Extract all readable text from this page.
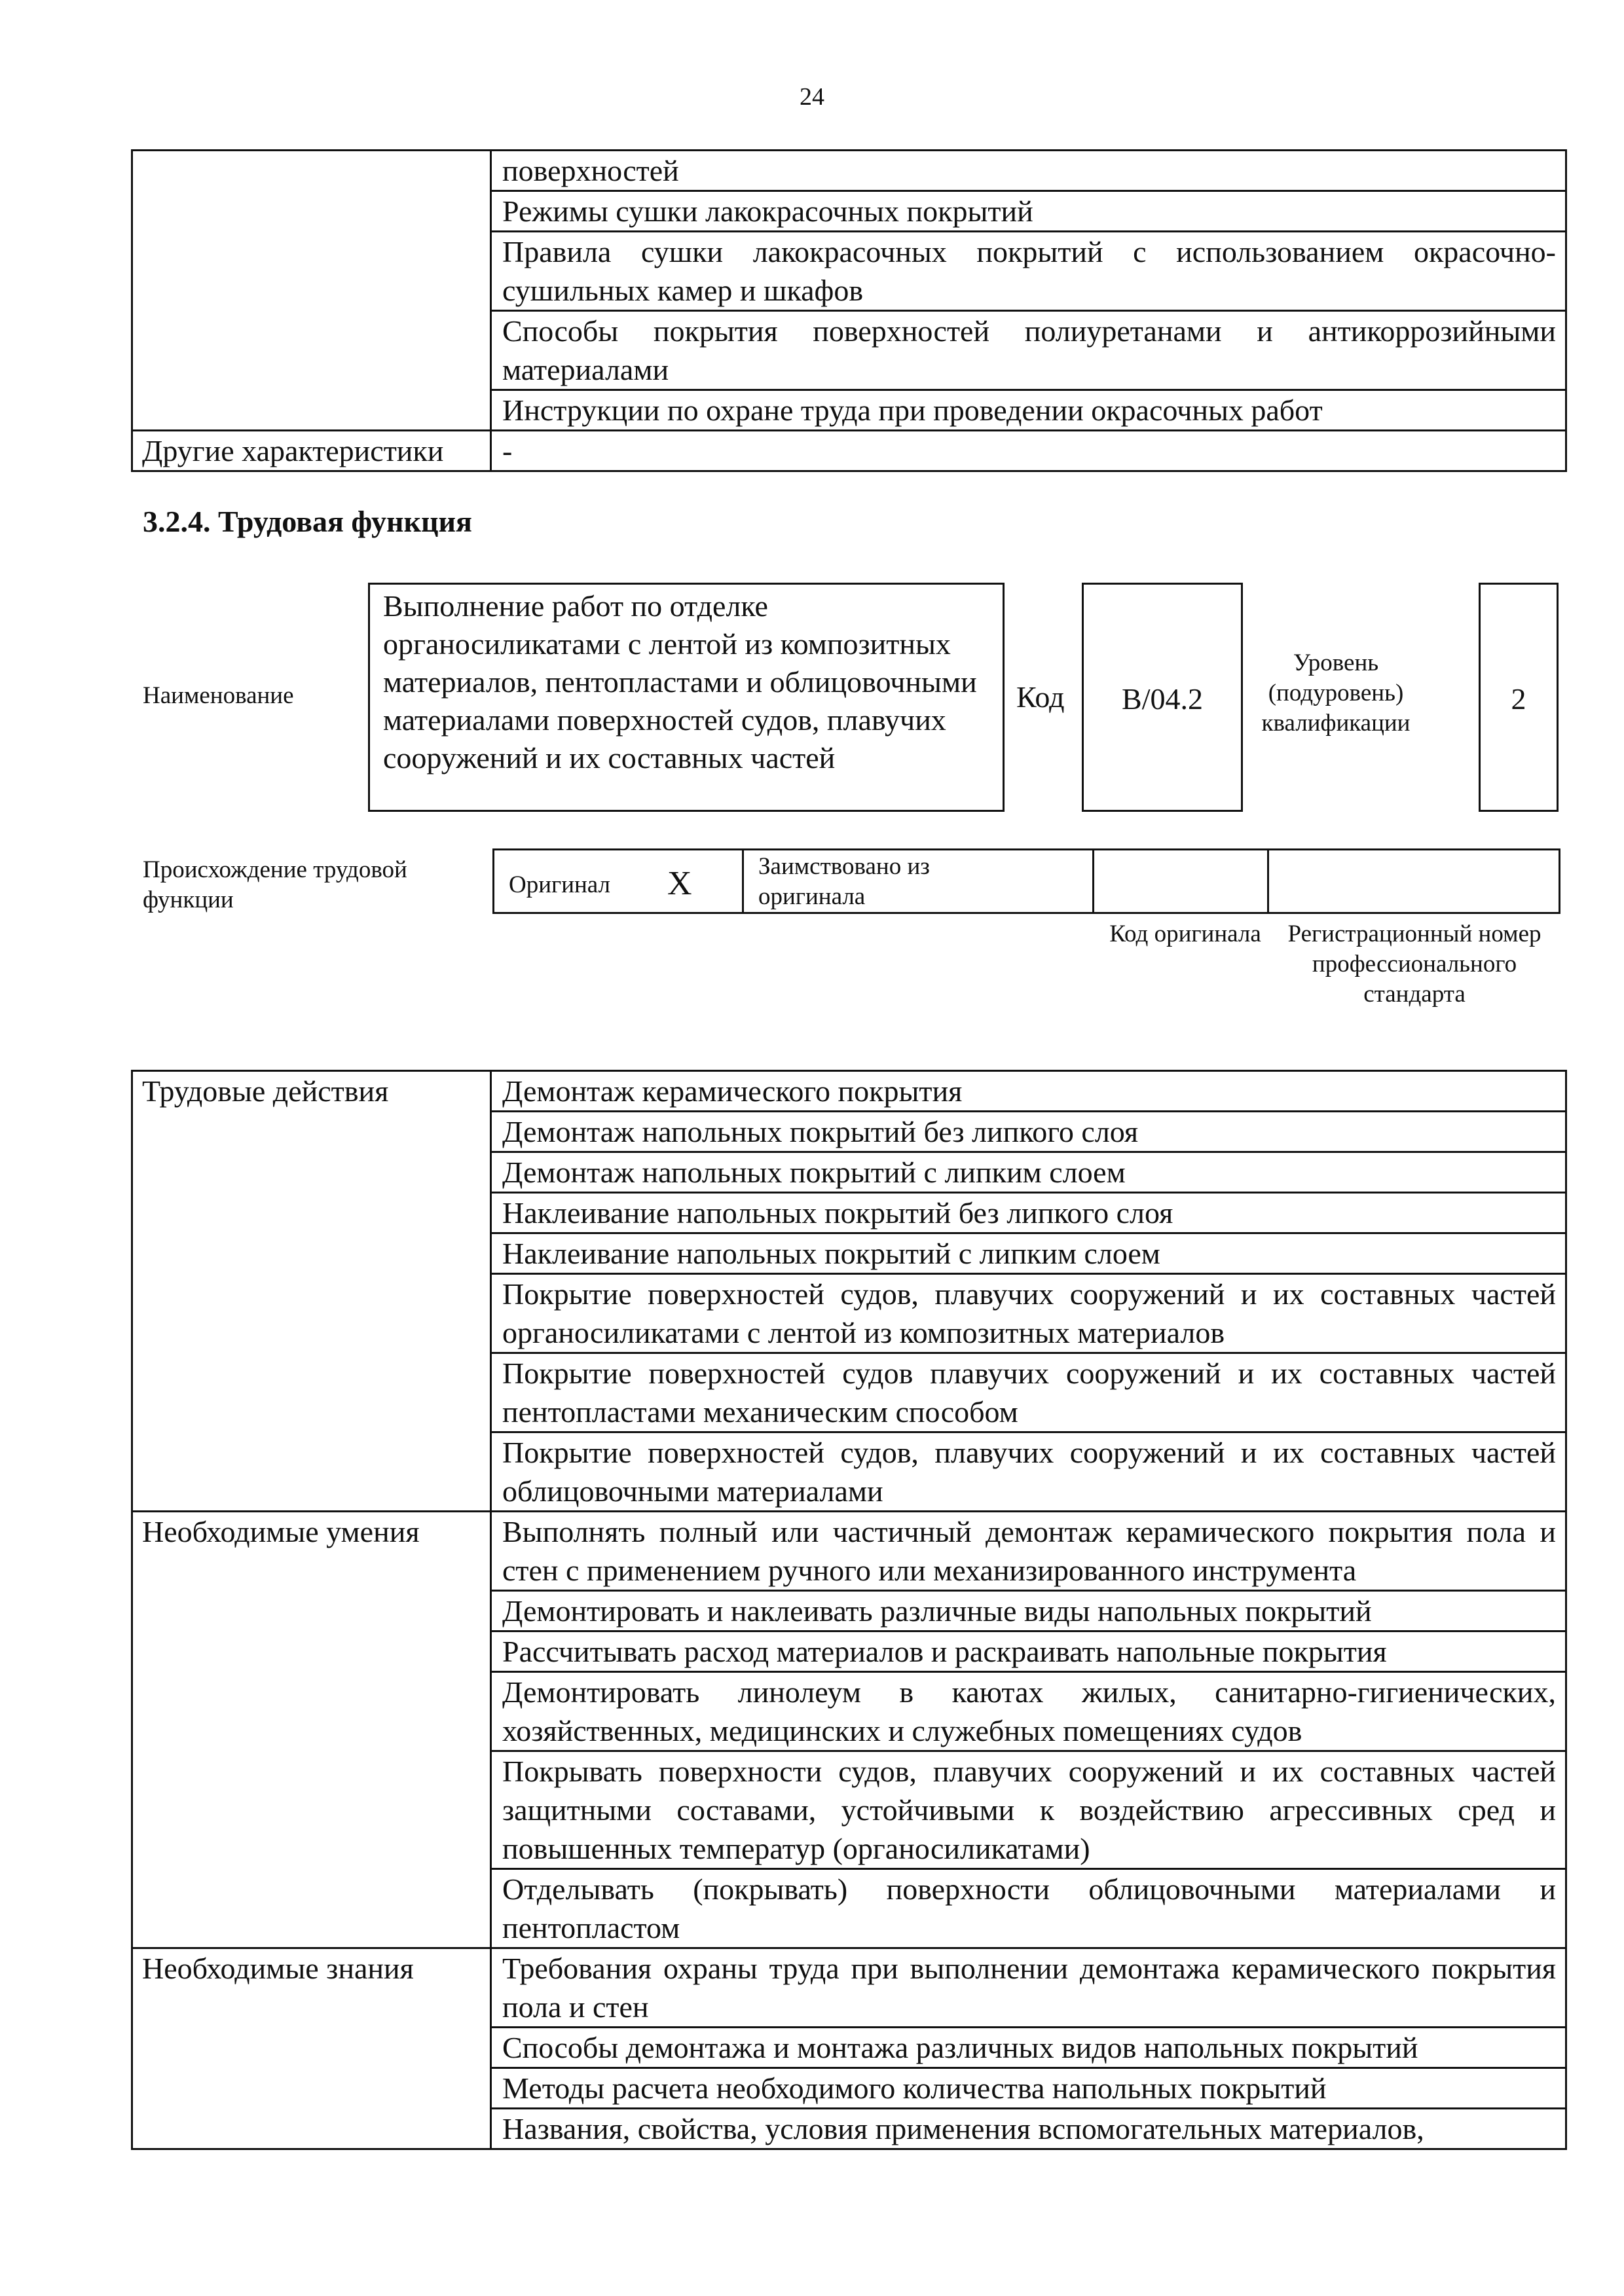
24
	поверхностей
	Режимы сушки лакокрасочных покрытий
	Правила сушки лакокрасочных покрытий с использованием окрасочно-сушильных камер и шкафов
	Способы покрытия поверхностей полиуретанами и антикоррозийными материалами
	Инструкции по охране труда при проведении окрасочных работ
Другие характеристики	-
3.2.4. Трудовая функция
Наименование
Выполнение работ по отделке органосиликатами с лентой из композитных материалов, пентопластами и облицовочными материалами поверхностей судов, плавучих сооружений и их составных частей
Код	B/04.2
Уровень (подуровень) квалификации
2
Происхождение трудовой функции
Оригинал X	Заимствовано из оригинала
Код оригинала Регистрационный номер профессионального стандарта
Трудовые действия	Демонтаж керамического покрытия
	Демонтаж напольных покрытий без липкого слоя
	Демонтаж напольных покрытий с липким слоем
	Наклеивание напольных покрытий без липкого слоя
	Наклеивание напольных покрытий с липким слоем
	Покрытие поверхностей судов, плавучих сооружений и их составных частей органосиликатами с лентой из композитных материалов
	Покрытие поверхностей судов плавучих сооружений и их составных частей пентопластами механическим способом
	Покрытие поверхностей судов, плавучих сооружений и их составных частей облицовочными материалами
Необходимые умения	Выполнять полный или частичный демонтаж керамического покрытия пола и стен с применением ручного или механизированного инструмента
	Демонтировать и наклеивать различные виды напольных покрытий
	Рассчитывать расход материалов и раскраивать напольные покрытия
	Демонтировать линолеум в каютах жилых, санитарно-гигиенических, хозяйственных, медицинских и служебных помещениях судов
	Покрывать поверхности судов, плавучих сооружений и их составных частей защитными составами, устойчивыми к воздействию агрессивных сред и повышенных температур (органосиликатами)
	Отделывать (покрывать) поверхности облицовочными материалами и пентопластом
Необходимые знания	Требования охраны труда при выполнении демонтажа керамического покрытия пола и стен
	Способы демонтажа и монтажа различных видов напольных покрытий
	Методы расчета необходимого количества напольных покрытий
	Названия, свойства, условия применения вспомогательных материалов,
